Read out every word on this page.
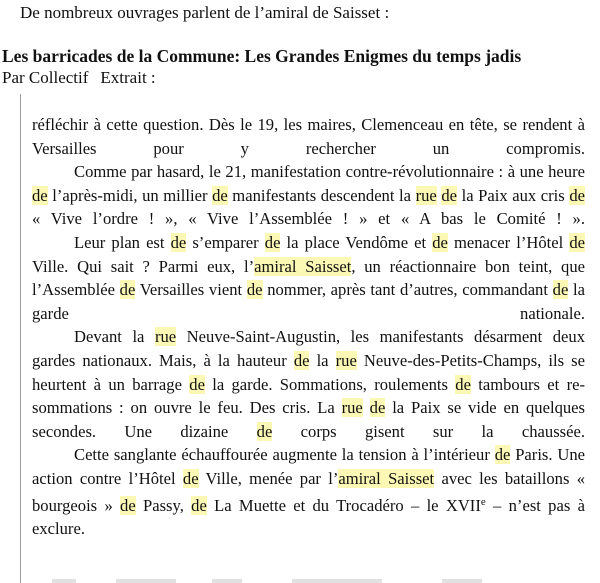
De nombreux ouvrages parlent de l’amiral de Saisset :
Les barricades de la Commune: Les Grandes Enigmes du temps jadis
Par Collectif Extrait :

réfléchir à cette question. Dès le 19, les maires, Clemenceau en tête, se rendent à Versailles pour y rechercher un compromis.

Comme par hasard, le 21, manifestation contre-révolutionnaire : à une heure de l’après-midi, un millier de manifestants descendent la rue de la Paix aux cris de « Vive l’ordre ! », « Vive l’Assemblée ! » et « A bas le Comité ! ».

Leur plan est de s’emparer de la place Vendôme et de menacer l’Hôtel de Ville. Qui sait ? Parmi eux, l’amiral Saisset, un réactionnaire bon teint, que l’Assemblée de Versailles vient de nommer, après tant d’autres, commandant de la garde nationale.

Devant la rue Neuve-Saint-Augustin, les manifestants désarment deux gardes nationaux. Mais, à la hauteur de la rue Neuve-des-Petits-Champs, ils se heurtent à un barrage de la garde. Sommations, roulements de tambours et re-sommations : on ouvre le feu. Des cris. La rue de la Paix se vide en quelques secondes. Une dizaine de corps gisent sur la chaussée.

Cette sanglante échauffourée augmente la tension à l’intérieur de Paris. Une action contre l’Hôtel de Ville, menée par l’amiral Saisset avec les bataillons « bourgeois » de Passy, de La Muette et du Trocadéro – le XVIIe – n’est pas à exclure.
